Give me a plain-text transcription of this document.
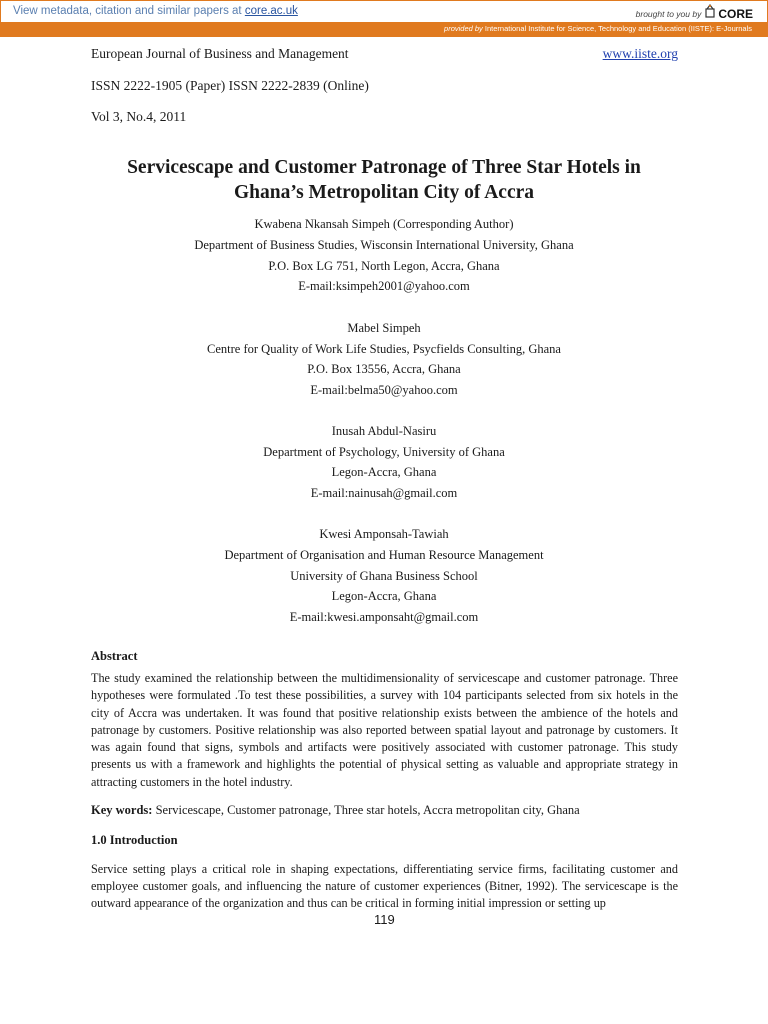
View metadata, citation and similar papers at core.ac.uk	brought to you by CORE
provided by International Institute for Science, Technology and Education (IISTE): E-Journals
European Journal of Business and Management	www.iiste.org
ISSN 2222-1905 (Paper) ISSN 2222-2839 (Online)
Vol 3, No.4, 2011
Servicescape and Customer Patronage of Three Star Hotels in
Ghana’s Metropolitan City of Accra
Kwabena Nkansah Simpeh (Corresponding Author)
Department of Business Studies, Wisconsin International University, Ghana
P.O. Box LG 751, North Legon, Accra, Ghana
E-mail:ksimpeh2001@yahoo.com
Mabel Simpeh
Centre for Quality of Work Life Studies, Psycfields Consulting, Ghana
P.O. Box 13556, Accra, Ghana
E-mail:belma50@yahoo.com
Inusah Abdul-Nasiru
Department of Psychology, University of Ghana
Legon-Accra, Ghana
E-mail:nainusah@gmail.com
Kwesi Amponsah-Tawiah
Department of Organisation and Human Resource Management
University of Ghana Business School
Legon-Accra, Ghana
E-mail:kwesi.amponsaht@gmail.com
Abstract

The study examined the relationship between the multidimensionality of servicescape and customer patronage. Three hypotheses were formulated .To test these possibilities, a survey with 104 participants selected from six hotels in the city of Accra was undertaken. It was found that positive relationship exists between the ambience of the hotels and patronage by customers. Positive relationship was also reported between spatial layout and patronage by customers. It was again found that signs, symbols and artifacts were positively associated with customer patronage. This study presents us with a framework and highlights the potential of physical setting as valuable and appropriate strategy in attracting customers in the hotel industry.

Key words: Servicescape, Customer patronage, Three star hotels, Accra metropolitan city, Ghana
1.0 Introduction

Service setting plays a critical role in shaping expectations, differentiating service firms, facilitating customer and employee customer goals, and influencing the nature of customer experiences (Bitner, 1992). The servicescape is the outward appearance of the organization and thus can be critical in forming initial impression or setting up

119
